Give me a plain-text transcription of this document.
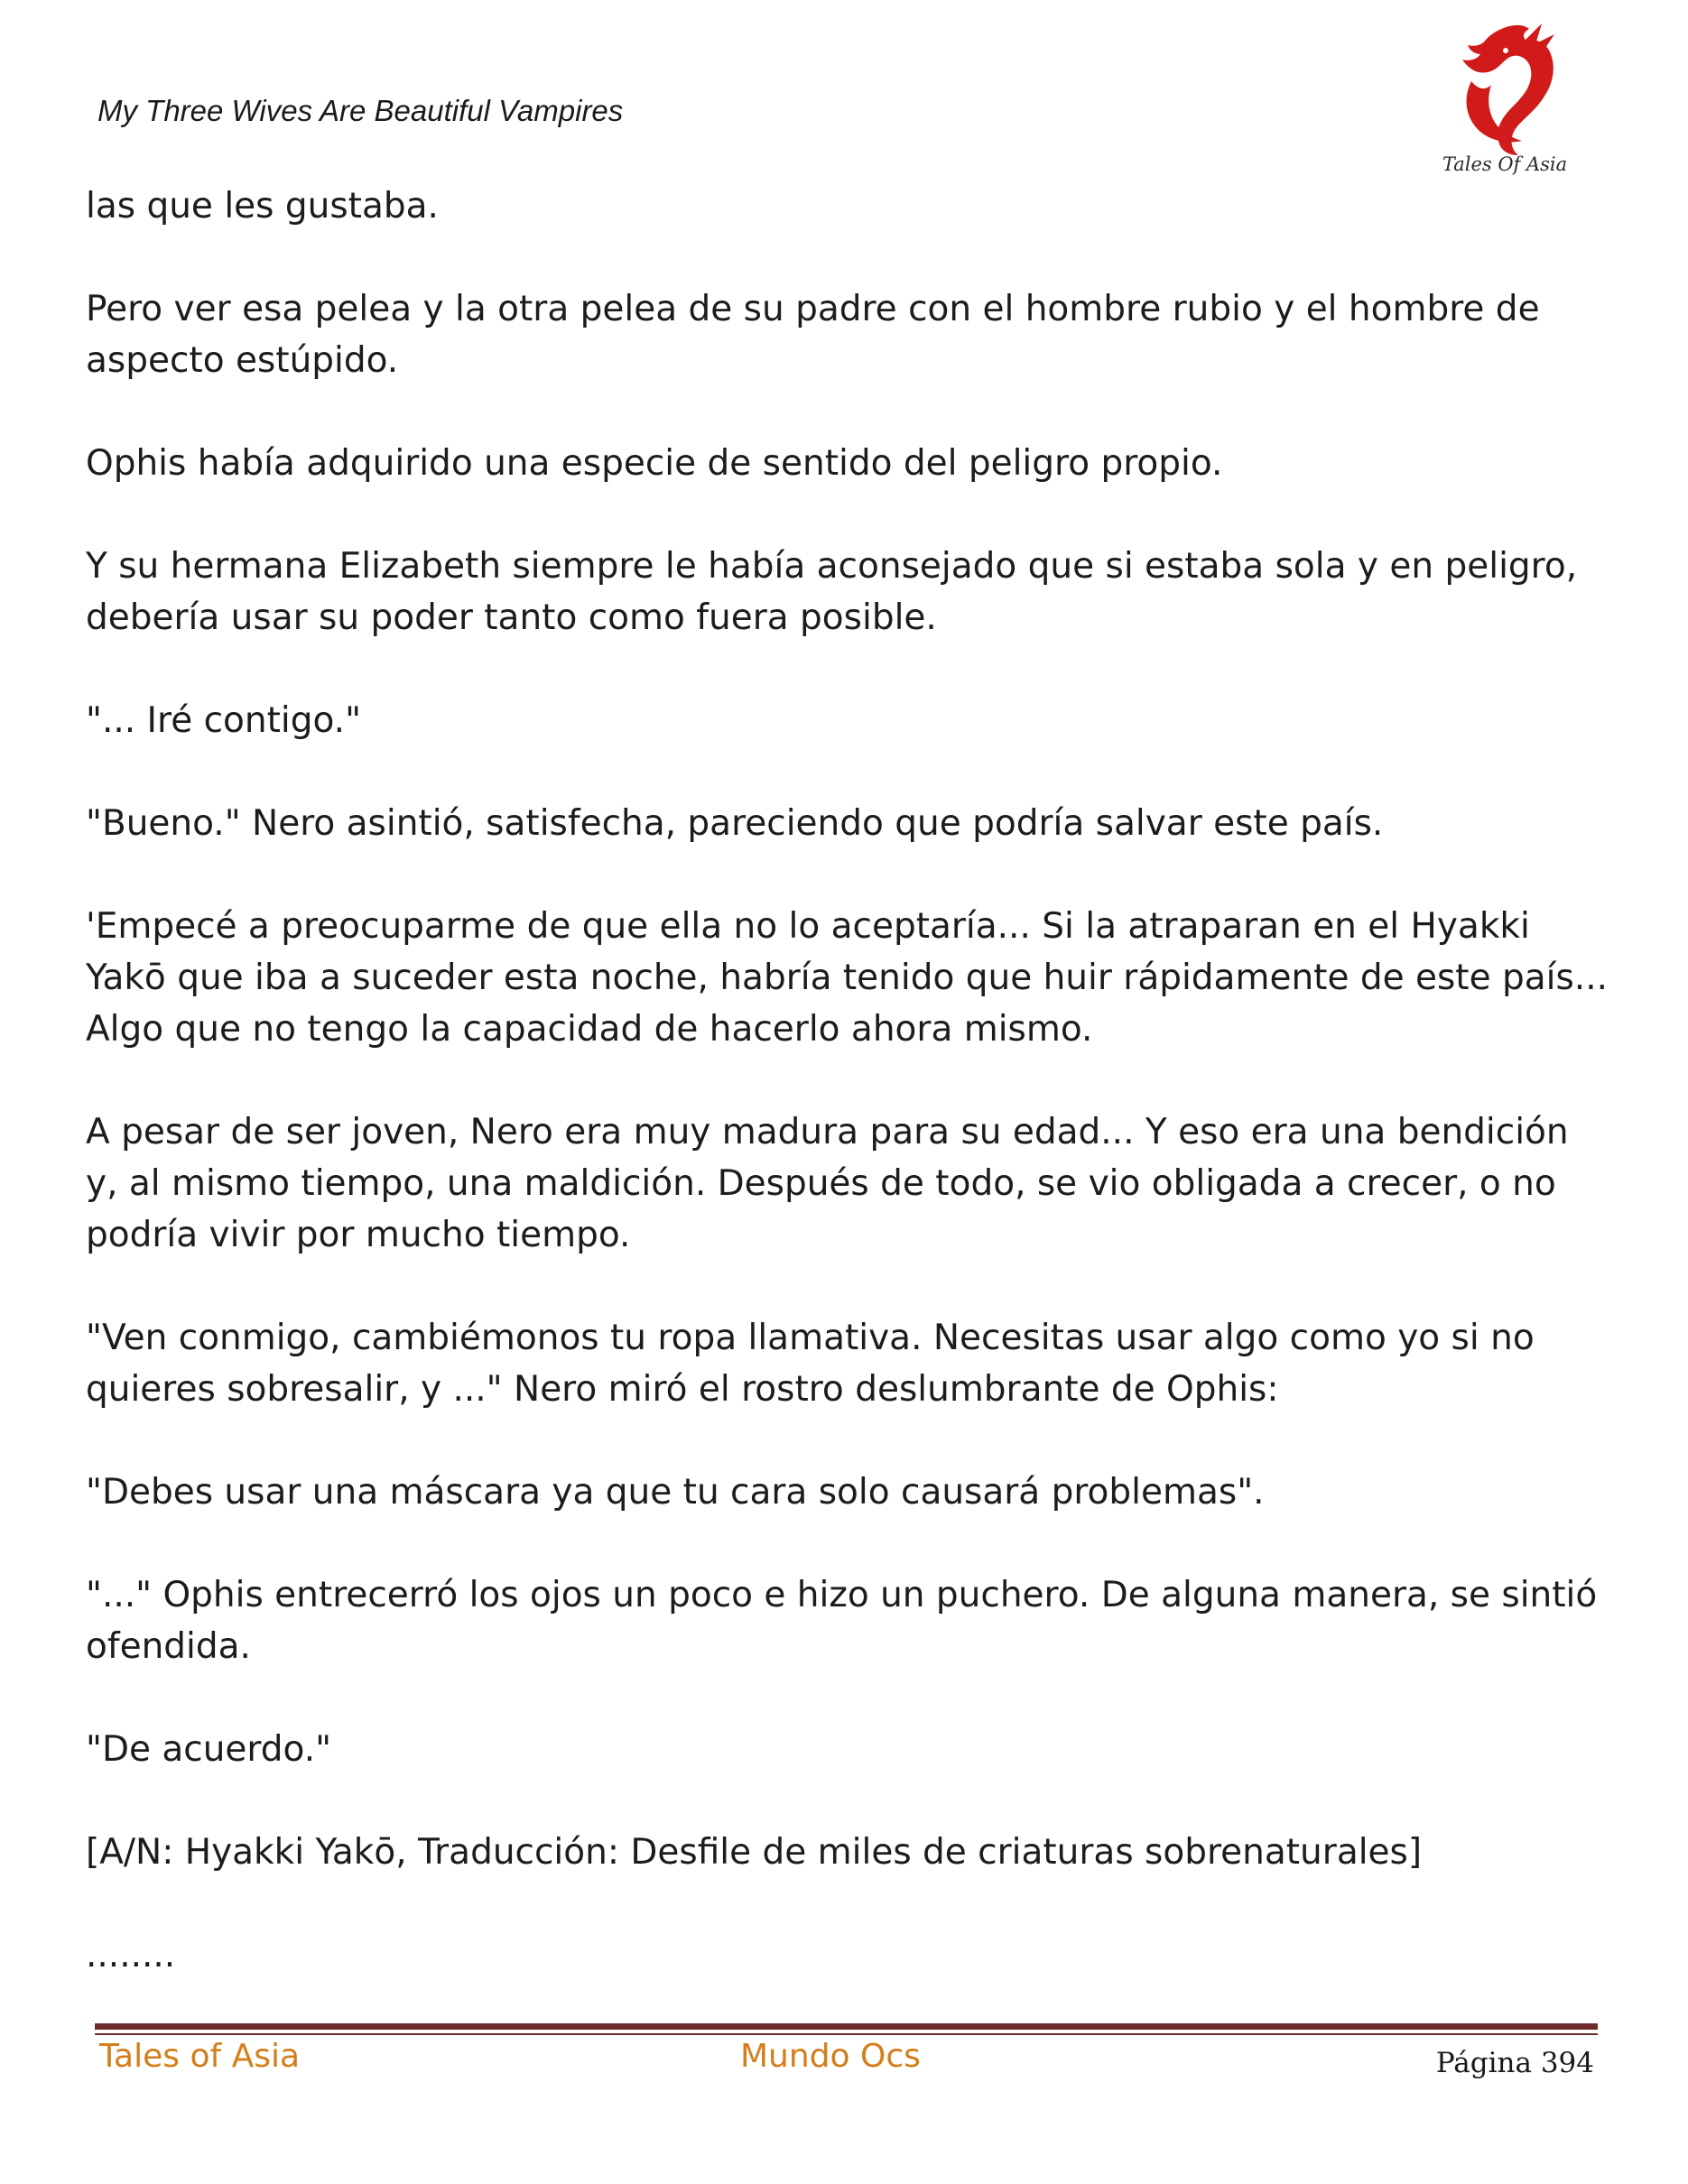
My Three Wives Are Beautiful Vampires
Tales Of Asia

las que les gustaba.

Pero ver esa pelea y la otra pelea de su padre con el hombre rubio y el hombre de aspecto estúpido.

Ophis había adquirido una especie de sentido del peligro propio.

Y su hermana Elizabeth siempre le había aconsejado que si estaba sola y en peligro, debería usar su poder tanto como fuera posible.

"... Iré contigo."

"Bueno." Nero asintió, satisfecha, pareciendo que podría salvar este país.

'Empecé a preocuparme de que ella no lo aceptaría... Si la atraparan en el Hyakki Yakō que iba a suceder esta noche, habría tenido que huir rápidamente de este país... Algo que no tengo la capacidad de hacerlo ahora mismo.

A pesar de ser joven, Nero era muy madura para su edad... Y eso era una bendición y, al mismo tiempo, una maldición. Después de todo, se vio obligada a crecer, o no podría vivir por mucho tiempo.

"Ven conmigo, cambiémonos tu ropa llamativa. Necesitas usar algo como yo si no quieres sobresalir, y ..." Nero miró el rostro deslumbrante de Ophis:

"Debes usar una máscara ya que tu cara solo causará problemas".

"..." Ophis entrecerró los ojos un poco e hizo un puchero. De alguna manera, se sintió ofendida.

"De acuerdo."

[A/N: Hyakki Yakō, Traducción: Desfile de miles de criaturas sobrenaturales]

........

Tales of Asia	Mundo Ocs	Página 394
